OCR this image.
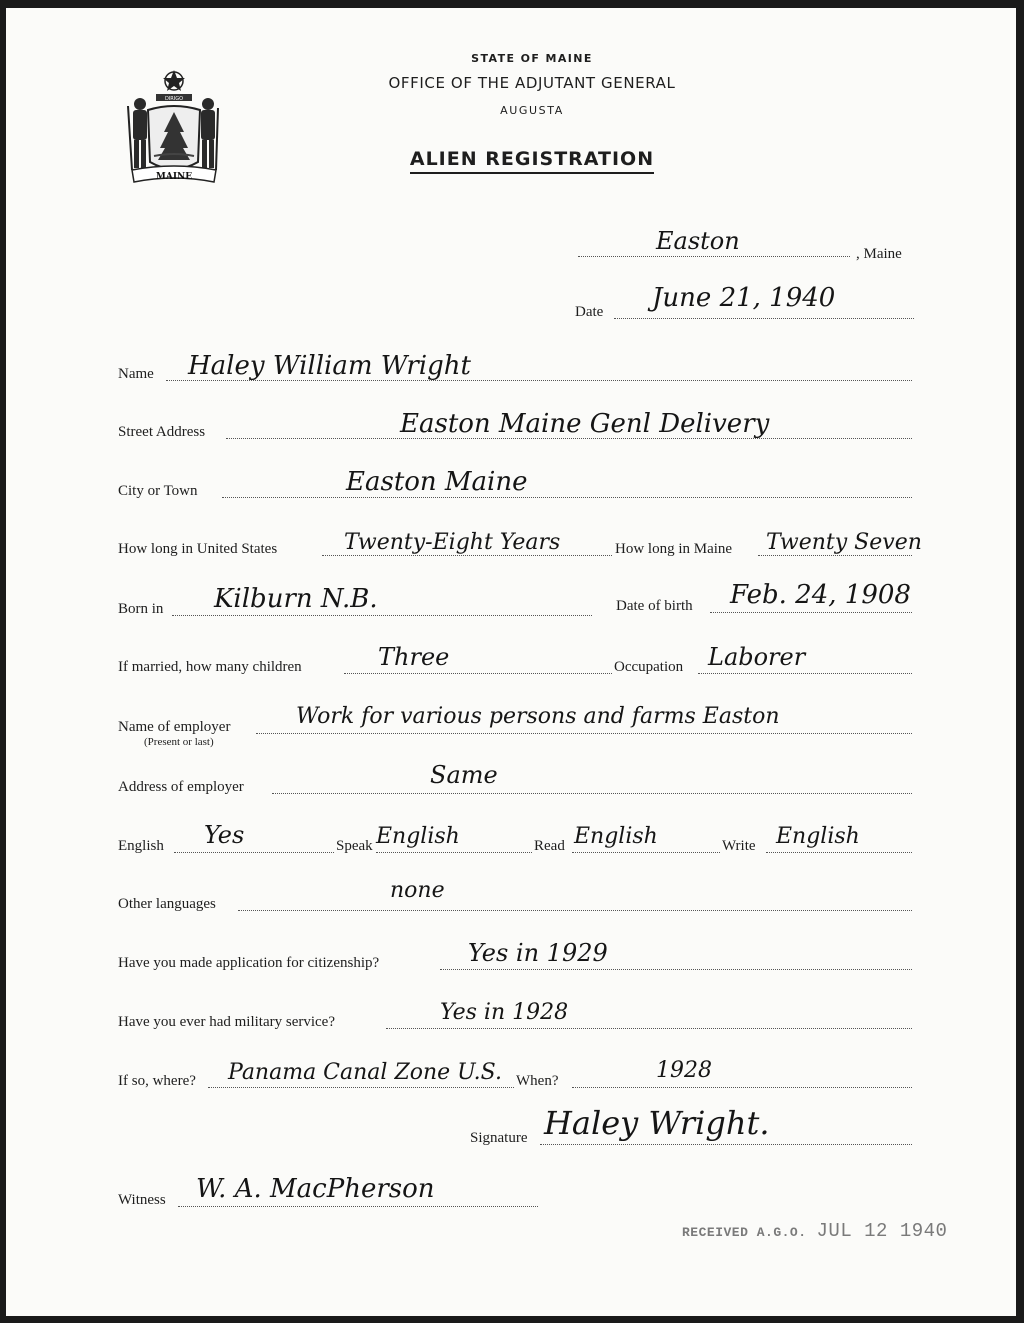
STATE OF MAINE
OFFICE OF THE ADJUTANT GENERAL
AUGUSTA
ALIEN REGISTRATION
DIRIGO
MAINE
Easton	, Maine
Date June 21, 1940
Name Haley William Wright
Street Address	Easton Maine Genl Delivery
City or Town	Easton Maine
How long in United States	Twenty-Eight Years	How long in Maine Twenty Seven
Born in Kilburn N.B.	Date of birth Feb. 24, 1908
If married, how many children	Three	Occupation Laborer
Name of employer
(Present or last)
Work for various persons and farms Easton
Address of employer	Same
English Yes	Speak English	Read English	Write English
Other languages
none
Have you made application for citizenship?	Yes in 1929
Have you ever had military service?	Yes in 1928
If so, where? Panama Canal Zone U.S. When?	1928
Signature Haley Wright.
Witness W. A. MacPherson
RECEIVED A.G.O. JUL 12 1940
